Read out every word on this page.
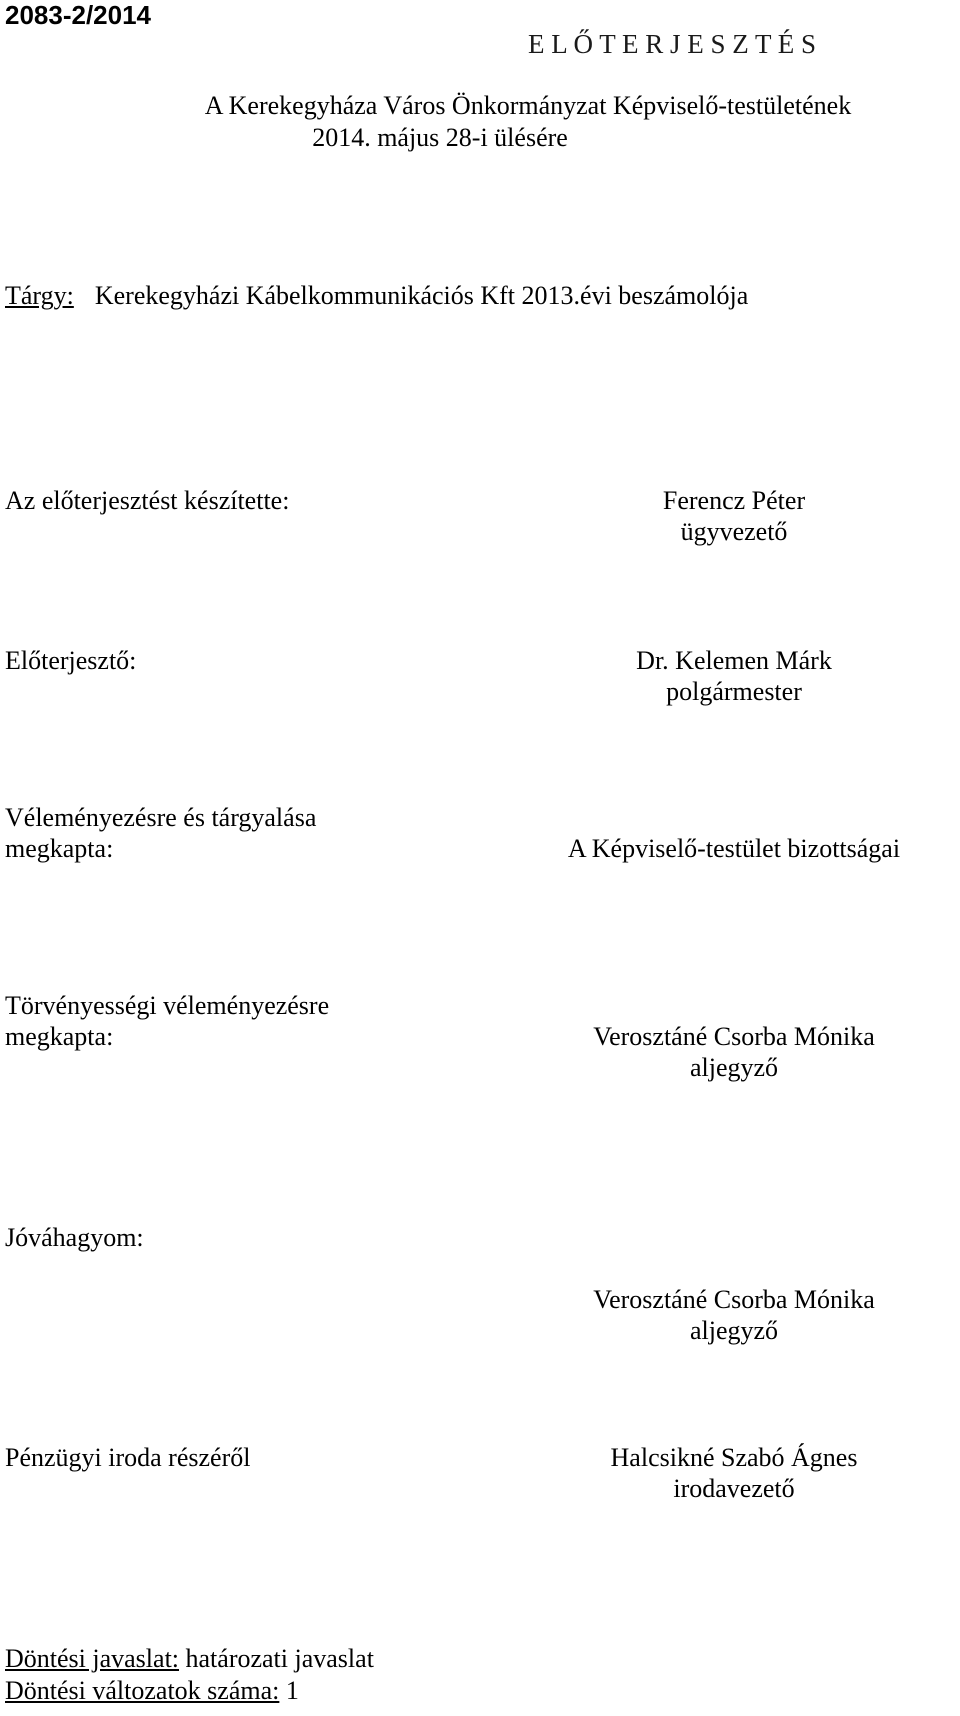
2083-2/2014
E L Ő T E R J E S Z T É S
A Kerekegyháza Város Önkormányzat Képviselő-testületének
2014. május 28-i ülésére
Tárgy: Kerekegyházi Kábelkommunikációs Kft 2013.évi beszámolója
Az előterjesztést készítette:	Ferencz Péter
ügyvezető
Előterjesztő:	Dr. Kelemen Márk
polgármester
Véleményezésre és tárgyalása
megkapta:	A Képviselő-testület bizottságai
Törvényességi véleményezésre
megkapta:	Verosztáné Csorba Mónika
aljegyző
Jóváhagyom:
Verosztáné Csorba Mónika
aljegyző
Pénzügyi iroda részéről	Halcsikné Szabó Ágnes
irodavezető
Döntési javaslat: határozati javaslat
Döntési változatok száma: 1
